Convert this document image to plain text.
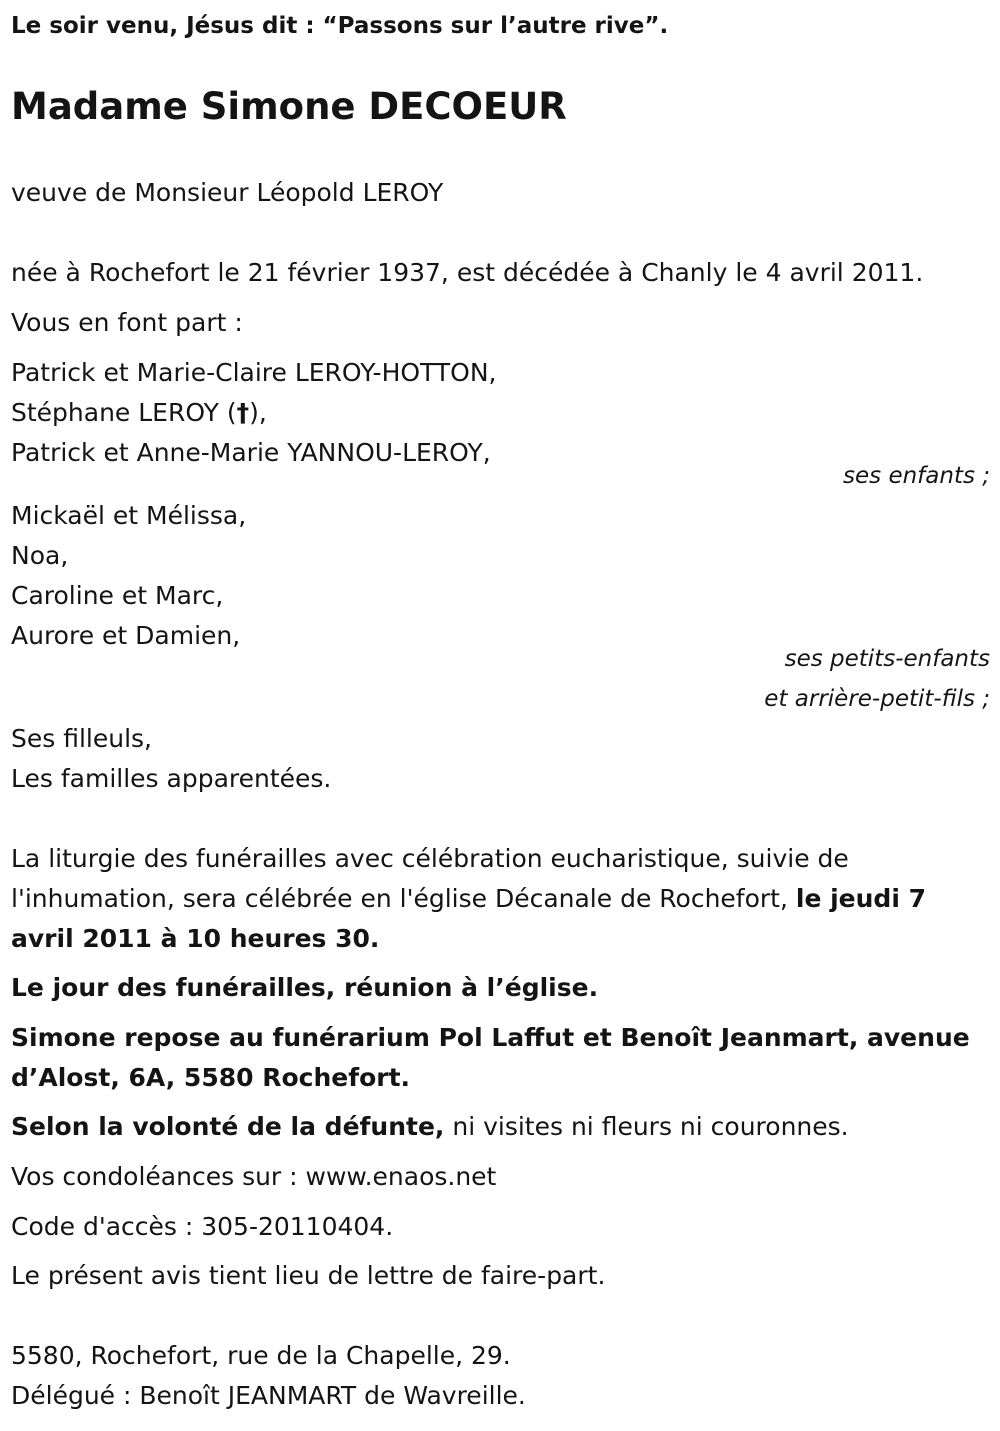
Le soir venu, Jésus dit : “Passons sur l’autre rive”.
Madame Simone DECOEUR
veuve de Monsieur Léopold LEROY
née à Rochefort le 21 février 1937, est décédée à Chanly le 4 avril 2011.
Vous en font part :
Patrick et Marie-Claire LEROY-HOTTON,
Stéphane LEROY (†),
Patrick et Anne-Marie YANNOU-LEROY,
ses enfants ;
Mickaël et Mélissa,
Noa,
Caroline et Marc,
Aurore et Damien,
ses petits-enfants
et arrière-petit-fils ;
Ses filleuls,
Les familles apparentées.
La liturgie des funérailles avec célébration eucharistique, suivie de l'inhumation, sera célébrée en l'église Décanale de Rochefort, le jeudi 7 avril 2011 à 10 heures 30.
Le jour des funérailles, réunion à l’église.
Simone repose au funérarium Pol Laffut et Benoît Jeanmart, avenue d’Alost, 6A, 5580 Rochefort.
Selon la volonté de la défunte, ni visites ni fleurs ni couronnes.
Vos condoléances sur : www.enaos.net
Code d'accès : 305-20110404.
Le présent avis tient lieu de lettre de faire-part.
5580, Rochefort, rue de la Chapelle, 29.
Délégué : Benoît JEANMART de Wavreille.
